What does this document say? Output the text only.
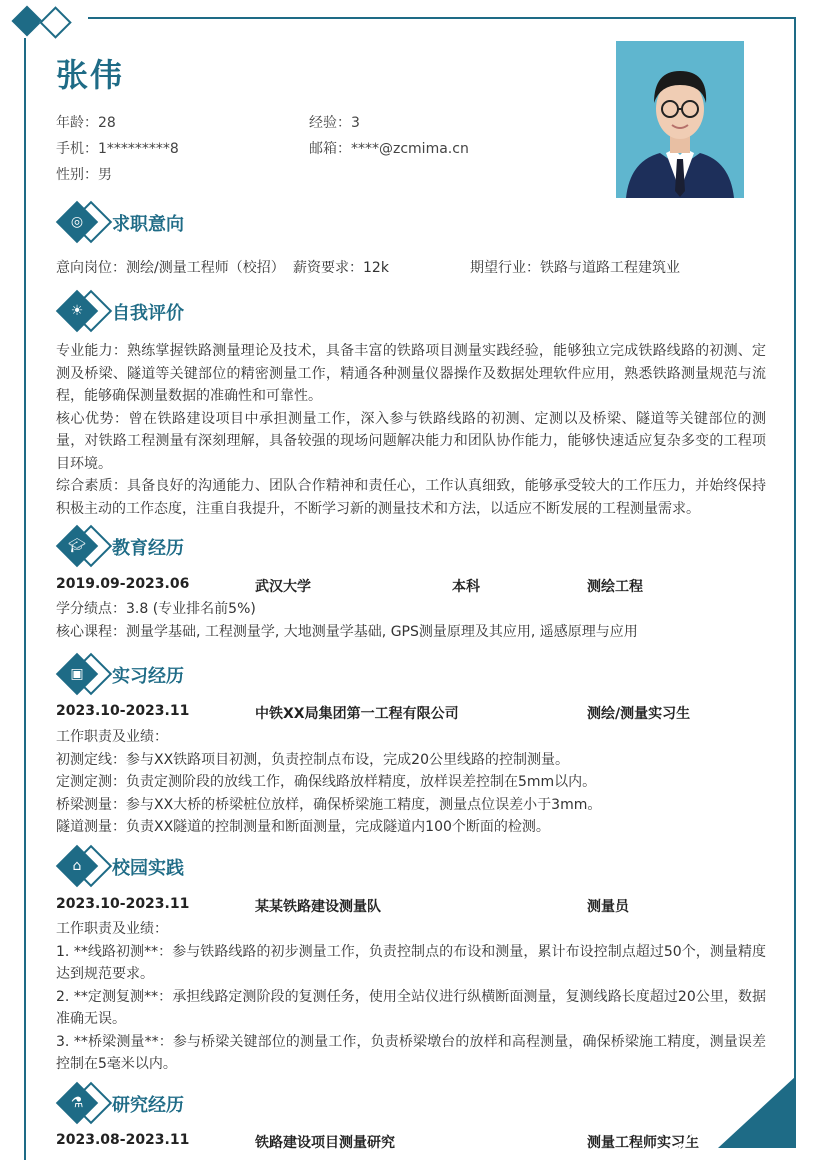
张伟
年龄：28	经验：3
手机：1*********8	邮箱：****@zcmima.cn
性别：男
◎	求职意向
意向岗位：测绘/测量工程师（校招） 薪资要求：12k	期望行业：铁路与道路工程建筑业
☀	自我评价
专业能力：熟练掌握铁路测量理论及技术，具备丰富的铁路项目测量实践经验，能够独立完成铁路线路的初测、定测及桥梁、隧道等关键部位的精密测量工作，精通各种测量仪器操作及数据处理软件应用，熟悉铁路测量规范与流程，能够确保测量数据的准确性和可靠性。
核心优势：曾在铁路建设项目中承担测量工作，深入参与铁路线路的初测、定测以及桥梁、隧道等关键部位的测量，对铁路工程测量有深刻理解，具备较强的现场问题解决能力和团队协作能力，能够快速适应复杂多变的工程项目环境。
综合素质：具备良好的沟通能力、团队合作精神和责任心，工作认真细致，能够承受较大的工作压力，并始终保持积极主动的工作态度，注重自我提升，不断学习新的测量技术和方法，以适应不断发展的工程测量需求。
🎓︎ 教育经历
2019.09-2023.06	武汉大学	本科	测绘工程
学分绩点：3.8 (专业排名前5%)
核心课程：测量学基础, 工程测量学, 大地测量学基础, GPS测量原理及其应用, 遥感原理与应用
▣	实习经历
2023.10-2023.11	中铁XX局集团第一工程有限公司	测绘/测量实习生
工作职责及业绩：
初测定线：参与XX铁路项目初测，负责控制点布设，完成20公里线路的控制测量。
定测定测：负责定测阶段的放线工作，确保线路放样精度，放样误差控制在5mm以内。
桥梁测量：参与XX大桥的桥梁桩位放样，确保桥梁施工精度，测量点位误差小于3mm。
隧道测量：负责XX隧道的控制测量和断面测量，完成隧道内100个断面的检测。
⌂	校园实践
2023.10-2023.11	某某铁路建设测量队	测量员
工作职责及业绩：
1. **线路初测**：参与铁路线路的初步测量工作，负责控制点的布设和测量，累计布设控制点超过50个，测量精度达到规范要求。
2. **定测复测**：承担线路定测阶段的复测任务，使用全站仪进行纵横断面测量，复测线路长度超过20公里，数据准确无误。
3. **桥梁测量**：参与桥梁关键部位的测量工作，负责桥梁墩台的放样和高程测量，确保桥梁施工精度，测量误差控制在5毫米以内。
⚗	研究经历
2023.08-2023.11	铁路建设项目测量研究	测量工程师实习生
